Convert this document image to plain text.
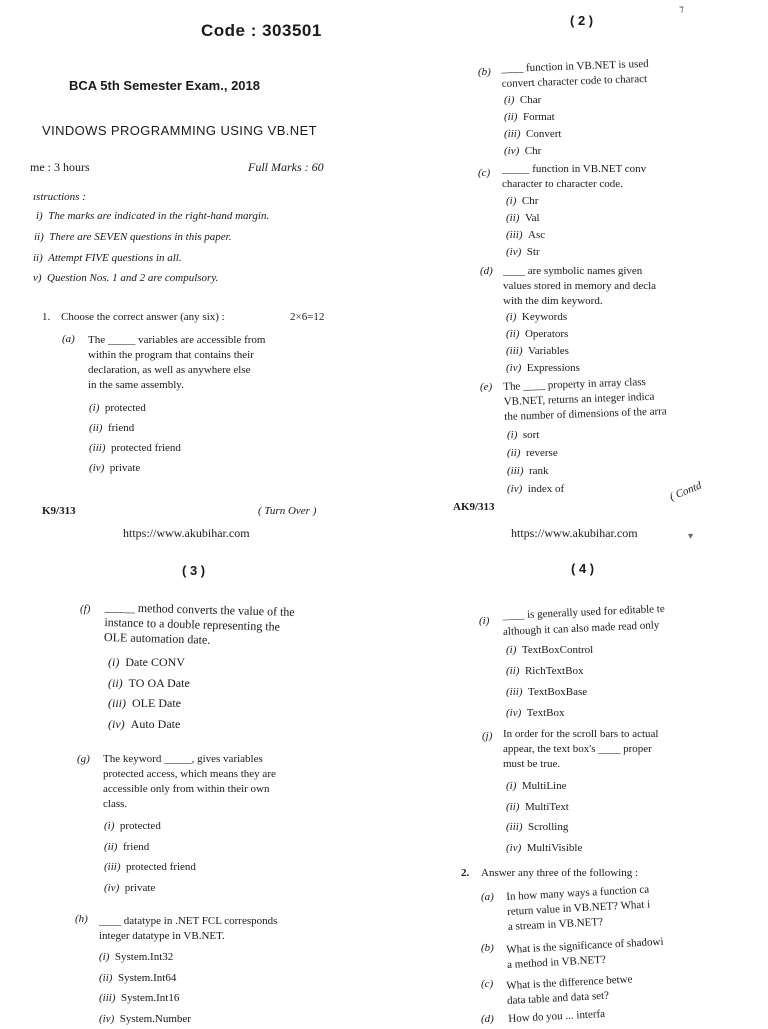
Code : 303501
BCA 5th Semester Exam., 2018
VINDOWS PROGRAMMING USING VB.NET
me : 3 hours	Full Marks : 60
ıstructions :
i) The marks are indicated in the right-hand margin.
ii) There are SEVEN questions in this paper.
ii) Attempt FIVE questions in all.
v) Question Nos. 1 and 2 are compulsory.
1. Choose the correct answer (any six) :	2×6=12
(a) The _____ variables are accessible from
within the program that contains their
declaration, as well as anywhere else
in the same assembly.
(i) protected
(ii) friend
(iii) protected friend
(iv) private
K9/313	( Turn Over )
( 2 )
⁊
(b) ____ function in VB.NET is used
convert character code to charact
(i) Char
(ii) Format
(iii) Convert
(iv) Chr
(c) _____ function in VB.NET conv
character to character code.
(i) Chr
(ii) Val
(iii) Asc
(iv) Str
(d) ____ are symbolic names given
values stored in memory and decla
with the dim keyword.
(i) Keywords
(ii) Operators
(iii) Variables
(iv) Expressions
(e) The ____ property in array class
VB.NET, returns an integer indica
the number of dimensions of the arra
(i) sort
(ii) reverse
(iii) rank
(iv) index of
AK9/313
( Contd
https://www.akubihar.com	https://www.akubihar.com	▾
( 3 )
(f) _____ method converts the value of the
instance to a double representing the
OLE automation date.
(i) Date CONV
(ii) TO OA Date
(iii) OLE Date
(iv) Auto Date
(g) The keyword _____, gives variables
protected access, which means they are
accessible only from within their own
class.
(i) protected
(ii) friend
(iii) protected friend
(iv) private
(h) ____ datatype in .NET FCL corresponds
integer datatype in VB.NET.
(i) System.Int32
(ii) System.Int64
(iii) System.Int16
(iv) System.Number
( 4 )
(i) ____ is generally used for editable te
although it can also made read only
(i) TextBoxControl
(ii) RichTextBox
(iii) TextBoxBase
(iv) TextBox
(j) In order for the scroll bars to actual
appear, the text box's ____ proper
must be true.
(i) MultiLine
(ii) MultiText
(iii) Scrolling
(iv) MultiVisible
2. Answer any three of the following :
(a) In how many ways a function ca
return value in VB.NET? What i
a stream in VB.NET?
(b) What is the significance of shadowi
a method in VB.NET?
(c) What is the difference betwe
data table and data set?
(d) How do you ... interfa
